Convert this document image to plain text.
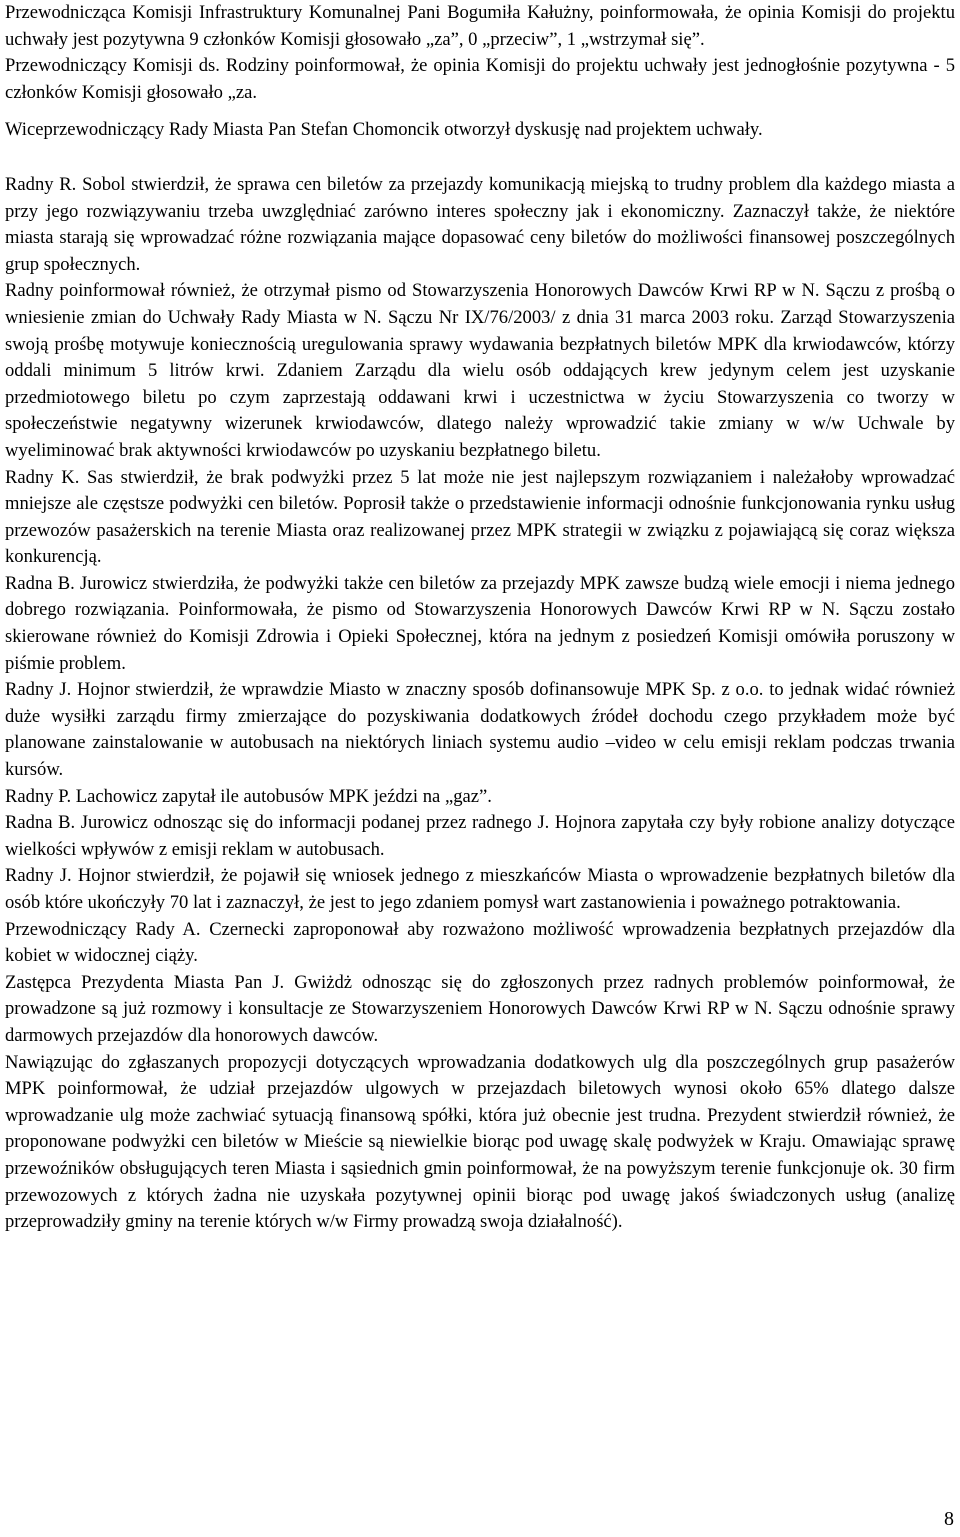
Przewodnicząca Komisji Infrastruktury Komunalnej Pani Bogumiła Kałużny, poinformowała, że opinia Komisji do projektu uchwały jest pozytywna 9 członków Komisji głosowało „za”, 0 „przeciw”, 1 „wstrzymał się”.

Przewodniczący Komisji ds. Rodziny poinformował, że opinia Komisji do projektu uchwały jest jednogłośnie pozytywna - 5 członków Komisji głosowało „za.

Wiceprzewodniczący Rady Miasta Pan Stefan Chomoncik otworzył dyskusję nad projektem uchwały.

Radny R. Sobol stwierdził, że sprawa cen biletów za przejazdy komunikacją miejską to trudny problem dla każdego miasta a przy jego rozwiązywaniu trzeba uwzględniać zarówno interes społeczny jak i ekonomiczny. Zaznaczył także, że niektóre miasta starają się wprowadzać różne rozwiązania mające dopasować ceny biletów do możliwości finansowej poszczególnych grup społecznych.

Radny poinformował również, że otrzymał pismo od Stowarzyszenia Honorowych Dawców Krwi RP w N. Sączu z prośbą o wniesienie zmian do Uchwały Rady Miasta w N. Sączu Nr IX/76/2003/ z dnia 31 marca 2003 roku. Zarząd Stowarzyszenia swoją prośbę motywuje koniecznością uregulowania sprawy wydawania bezpłatnych biletów MPK dla krwiodawców, którzy oddali minimum 5 litrów krwi. Zdaniem Zarządu dla wielu osób oddających krew jedynym celem jest uzyskanie przedmiotowego biletu po czym zaprzestają oddawani krwi i uczestnictwa w życiu Stowarzyszenia co tworzy w społeczeństwie negatywny wizerunek krwiodawców, dlatego należy wprowadzić takie zmiany w w/w Uchwale by wyeliminować brak aktywności krwiodawców po uzyskaniu bezpłatnego biletu.

Radny K. Sas stwierdził, że brak podwyżki przez 5 lat może nie jest najlepszym rozwiązaniem i należałoby wprowadzać mniejsze ale częstsze podwyżki cen biletów. Poprosił także o przedstawienie informacji odnośnie funkcjonowania rynku usług przewozów pasażerskich na terenie Miasta oraz realizowanej przez MPK strategii w związku z pojawiającą się coraz większa konkurencją.

Radna B. Jurowicz stwierdziła, że podwyżki także cen biletów za przejazdy MPK zawsze budzą wiele emocji i niema jednego dobrego rozwiązania. Poinformowała, że pismo od Stowarzyszenia Honorowych Dawców Krwi RP w N. Sączu zostało skierowane również do Komisji Zdrowia i Opieki Społecznej, która na jednym z posiedzeń Komisji omówiła poruszony w piśmie problem.

Radny J. Hojnor stwierdził, że wprawdzie Miasto w znaczny sposób dofinansowuje MPK Sp. z o.o. to jednak widać również duże wysiłki zarządu firmy zmierzające do pozyskiwania dodatkowych źródeł dochodu czego przykładem może być planowane zainstalowanie w autobusach na niektórych liniach systemu audio –video w celu emisji reklam podczas trwania kursów.

Radny P. Lachowicz zapytał ile autobusów MPK jeździ na „gaz”.

Radna B. Jurowicz odnosząc się do informacji podanej przez radnego J. Hojnora zapytała czy były robione analizy dotyczące wielkości wpływów z emisji reklam w autobusach.

Radny J. Hojnor stwierdził, że pojawił się wniosek jednego z mieszkańców Miasta o wprowadzenie bezpłatnych biletów dla osób które ukończyły 70 lat i zaznaczył, że jest to jego zdaniem pomysł wart zastanowienia i poważnego potraktowania.

Przewodniczący Rady A. Czernecki zaproponował aby rozważono możliwość wprowadzenia bezpłatnych przejazdów dla kobiet w widocznej ciąży.

Zastępca Prezydenta Miasta Pan J. Gwiżdż odnosząc się do zgłoszonych przez radnych problemów poinformował, że prowadzone są już rozmowy i konsultacje ze Stowarzyszeniem Honorowych Dawców Krwi RP w N. Sączu odnośnie sprawy darmowych przejazdów dla honorowych dawców.

Nawiązując do zgłaszanych propozycji dotyczących wprowadzania dodatkowych ulg dla poszczególnych grup pasażerów MPK poinformował, że udział przejazdów ulgowych w przejazdach biletowych wynosi około 65% dlatego dalsze wprowadzanie ulg może zachwiać sytuacją finansową spółki, która już obecnie jest trudna. Prezydent stwierdził również, że proponowane podwyżki cen biletów w Mieście są niewielkie biorąc pod uwagę skalę podwyżek w Kraju. Omawiając sprawę przewoźników obsługujących teren Miasta i sąsiednich gmin poinformował, że na powyższym terenie funkcjonuje ok. 30 firm przewozowych z których żadna nie uzyskała pozytywnej opinii biorąc pod uwagę jakoś świadczonych usług (analizę przeprowadziły gminy na terenie których w/w Firmy prowadzą swoja działalność).

8
